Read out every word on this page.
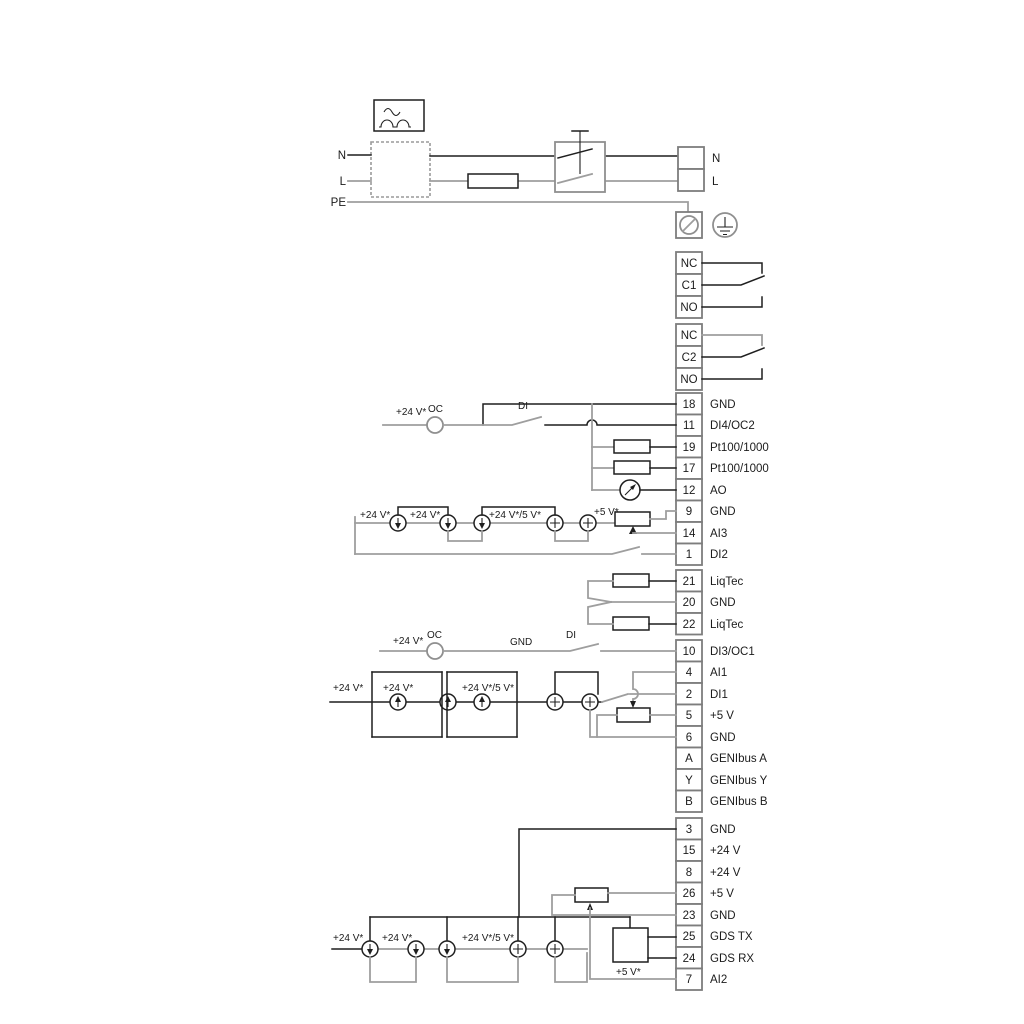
N
L
PE
N
L
NC
C1
NO
NC
C2
NO
18 GND
11 DI4/OC2
19 Pt100/1000
17 Pt100/1000
12 AO
9 GND
14 AI3
1 DI2
+24 V* OC	DI
+24 V* +24 V*	+24 V*/5 V*	+5 V*
21 LiqTec
20 GND
22 LiqTec
10 DI3/OC1
4 AI1
2 DI1
5 +5 V
6 GND
A GENIbus A
Y GENIbus Y
B GENIbus B
+24 V*
OC
GND
DI
+24 V* +24 V*	+24 V*/5 V*
3 GND
15 +24 V
8 +24 V
26 +5 V
23 GND
25 GDS TX
24 GDS RX
7 AI2
+5 V*
+24 V* +24 V*	+24 V*/5 V*
